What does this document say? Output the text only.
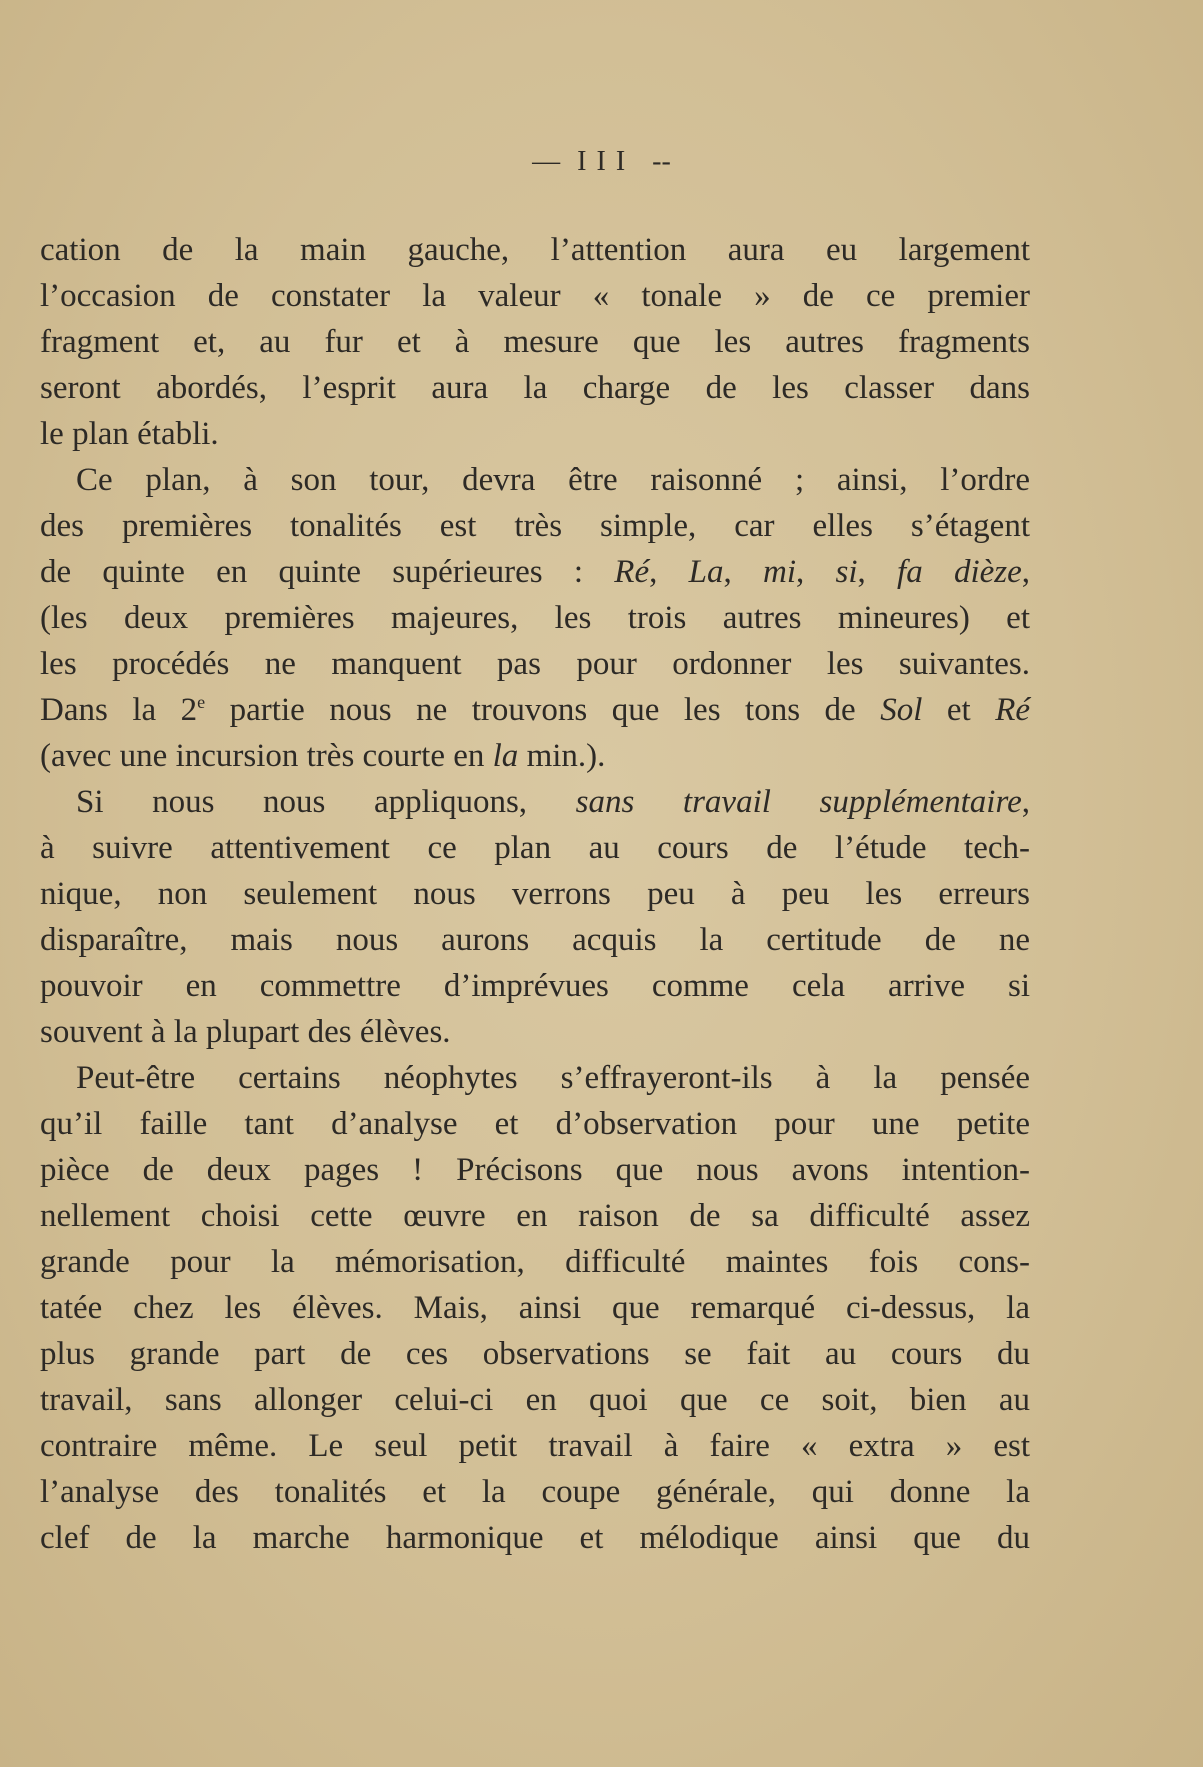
— III --
cation de la main gauche, l’attention aura eu largement
l’occasion de constater la valeur « tonale » de ce premier
fragment et, au fur et à mesure que les autres fragments
seront abordés, l’esprit aura la charge de les classer dans
le plan établi.
Ce plan, à son tour, devra être raisonné ; ainsi, l’ordre
des premières tonalités est très simple, car elles s’étagent
de quinte en quinte supérieures : Ré, La, mi, si, fa dièze,
(les deux premières majeures, les trois autres mineures) et
les procédés ne manquent pas pour ordonner les suivantes.
Dans la 2e partie nous ne trouvons que les tons de Sol et Ré
(avec une incursion très courte en la min.).
Si nous nous appliquons, sans travail supplémentaire,
à suivre attentivement ce plan au cours de l’étude tech-
nique, non seulement nous verrons peu à peu les erreurs
disparaître, mais nous aurons acquis la certitude de ne
pouvoir en commettre d’imprévues comme cela arrive si
souvent à la plupart des élèves.
Peut-être certains néophytes s’effrayeront-ils à la pensée
qu’il faille tant d’analyse et d’observation pour une petite
pièce de deux pages ! Précisons que nous avons intention-
nellement choisi cette œuvre en raison de sa difficulté assez
grande pour la mémorisation, difficulté maintes fois cons-
tatée chez les élèves. Mais, ainsi que remarqué ci-dessus, la
plus grande part de ces observations se fait au cours du
travail, sans allonger celui-ci en quoi que ce soit, bien au
contraire même. Le seul petit travail à faire « extra » est
l’analyse des tonalités et la coupe générale, qui donne la
clef de la marche harmonique et mélodique ainsi que du
